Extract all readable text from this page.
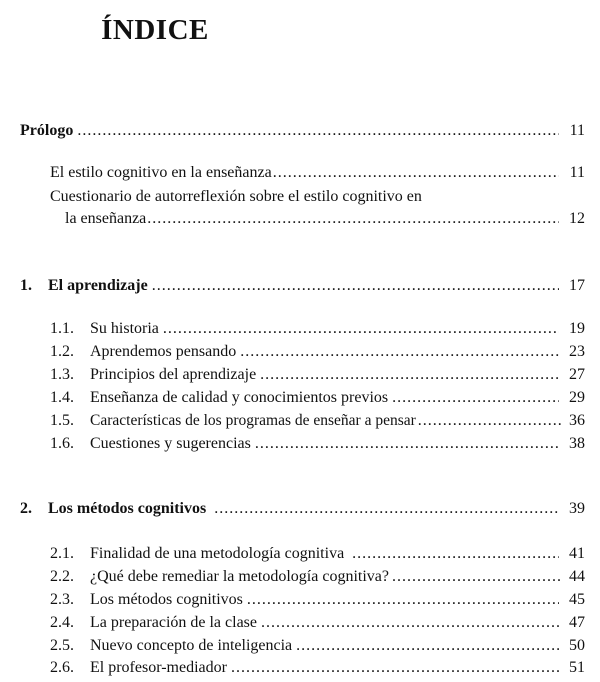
ÍNDICE
Prólogo .....	11
El estilo cognitivo en la enseñanza .....	11
Cuestionario de autorreflexión sobre el estilo cognitivo en
la enseñanza .....	12
1.	El aprendizaje .....	17
1.1.	Su historia .....	19
1.2.	Aprendemos pensando .....	23
1.3.	Principios del aprendizaje .....	27
1.4.	Enseñanza de calidad y conocimientos previos .....	29
1.5.	Características de los programas de enseñar a pensar .....	36
1.6.	Cuestiones y sugerencias .....	38
2.	Los métodos cognitivos .....	39
2.1.	Finalidad de una metodología cognitiva .....	41
2.2.	¿Qué debe remediar la metodología cognitiva? .....	44
2.3.	Los métodos cognitivos .....	45
2.4.	La preparación de la clase .....	47
2.5.	Nuevo concepto de inteligencia .....	50
2.6.	El profesor-mediador .....	51
